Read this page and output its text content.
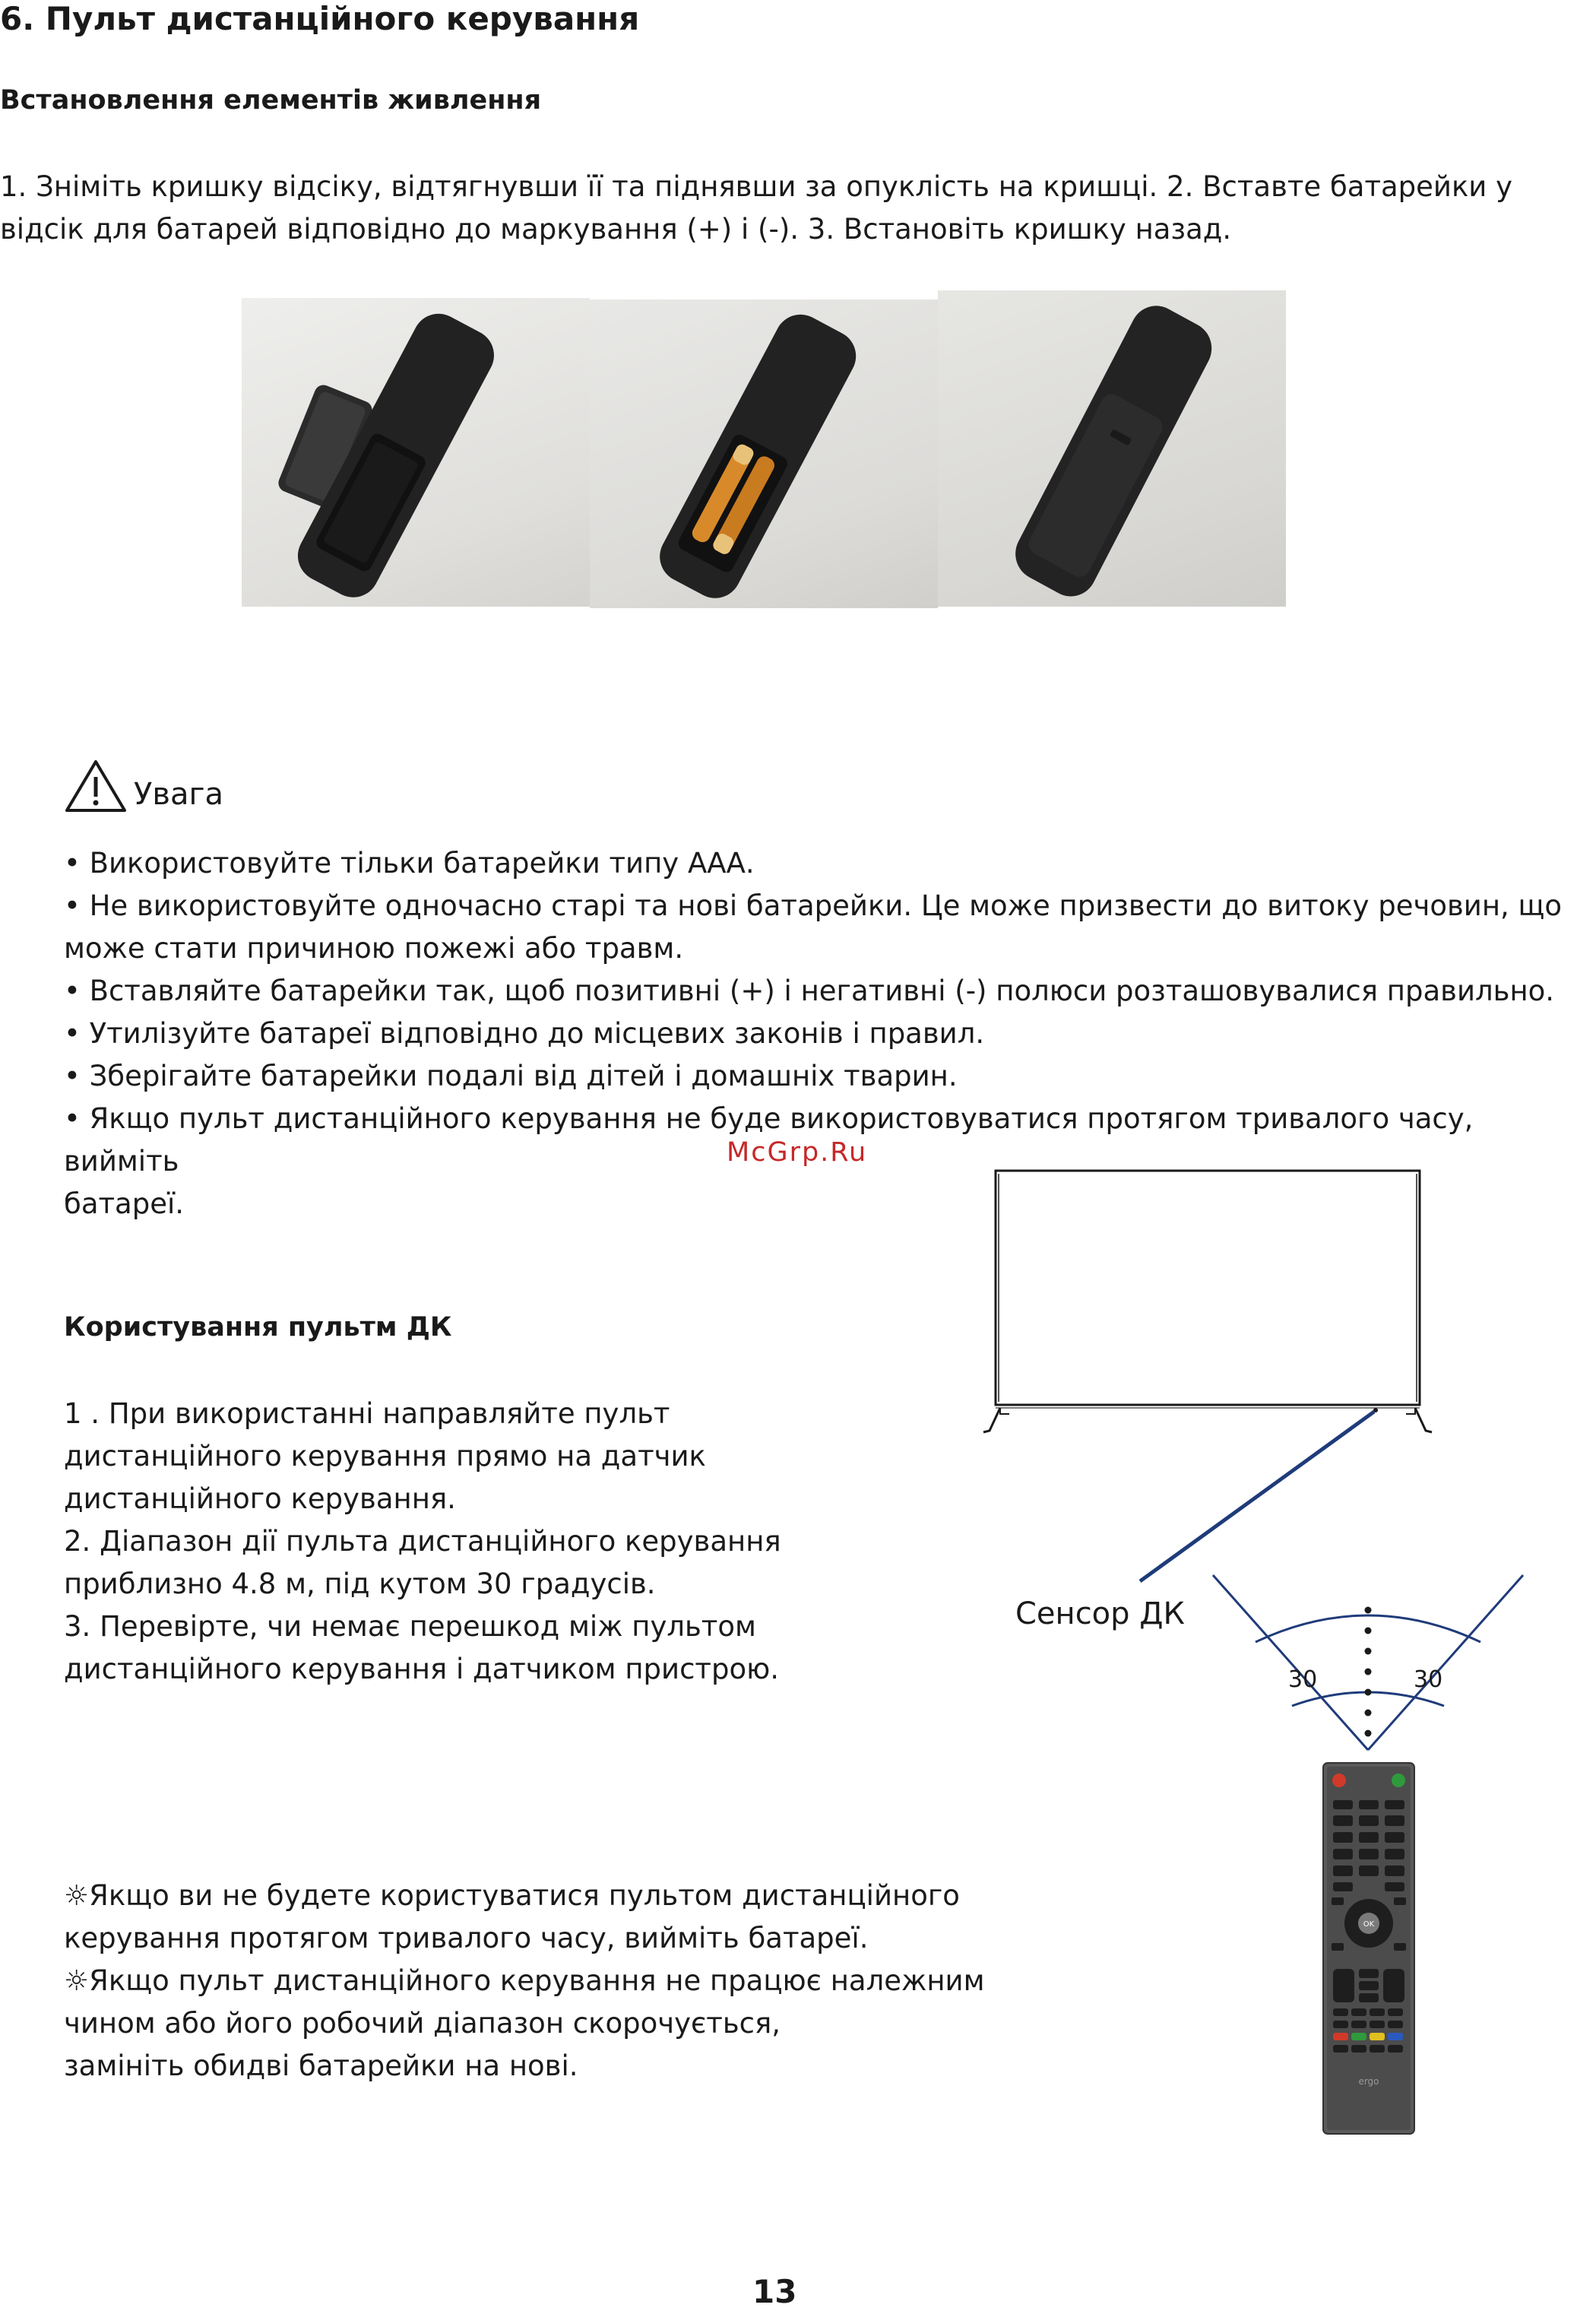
6. Пульт дистанційного керування
Встановлення елементів живлення
1. Зніміть кришку відсіку, відтягнувши її та піднявши за опуклість на кришці. 2. Вставте батарейки у
відсік для батарей відповідно до маркування (+) і (-). 3. Встановіть кришку назад.
Увага
• Використовуйте тільки батарейки типу ААА.
• Не використовуйте одночасно старі та нові батарейки. Це може призвести до витоку речовин, що
може стати причиною пожежі або травм.
• Вставляйте батарейки так, щоб позитивні (+) і негативні (-) полюси розташовувалися правильно.
• Утилізуйте батареї відповідно до місцевих законів і правил.
• Зберігайте батарейки подалі від дітей і домашніх тварин.
• Якщо пульт дистанційного керування не буде використовуватися протягом тривалого часу, вийміть
батареї.
McGrp.Ru
30	30
Сенсор ДК
OK
ergo
Користування пультм ДК
1 . При використанні направляйте пульт
дистанційного керування прямо на датчик
дистанційного керування.
2. Діапазон дії пульта дистанційного керування
приблизно 4.8 м, під кутом 30 градусів.
3. Перевірте, чи немає перешкод між пультом
дистанційного керування і датчиком пристрою.
☼Якщо ви не будете користуватися пультом дистанційного
керування протягом тривалого часу, вийміть батареї.
☼Якщо пульт дистанційного керування не працює належним
чином або його робочий діапазон скорочується,
замініть обидві батарейки на нові.
13
